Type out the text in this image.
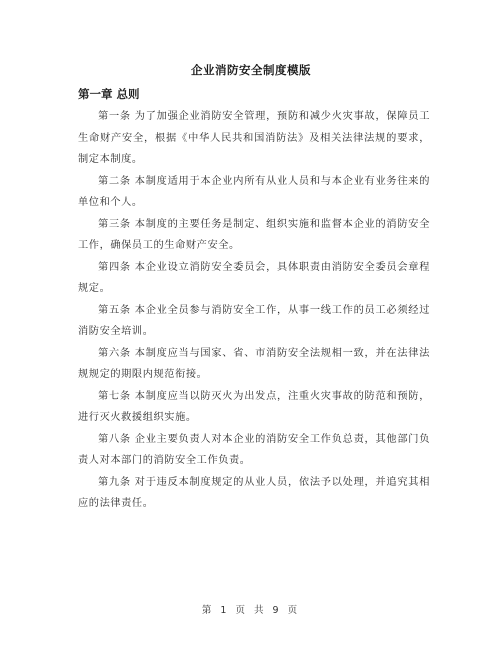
企业消防安全制度模版
第一章 总则

第一条 为了加强企业消防安全管理，预防和减少火灾事故，保障员工生命财产安全，根据《中华人民共和国消防法》及相关法律法规的要求，制定本制度。

第二条 本制度适用于本企业内所有从业人员和与本企业有业务往来的单位和个人。

第三条 本制度的主要任务是制定、组织实施和监督本企业的消防安全工作，确保员工的生命财产安全。

第四条 本企业设立消防安全委员会，具体职责由消防安全委员会章程规定。

第五条 本企业全员参与消防安全工作，从事一线工作的员工必须经过消防安全培训。

第六条 本制度应当与国家、省、市消防安全法规相一致，并在法律法规规定的期限内规范衔接。

第七条 本制度应当以防灭火为出发点，注重火灾事故的防范和预防，进行灭火救援组织实施。

第八条 企业主要负责人对本企业的消防安全工作负总责，其他部门负责人对本部门的消防安全工作负责。

第九条 对于违反本制度规定的从业人员，依法予以处理，并追究其相应的法律责任。

第 1 页 共 9 页
